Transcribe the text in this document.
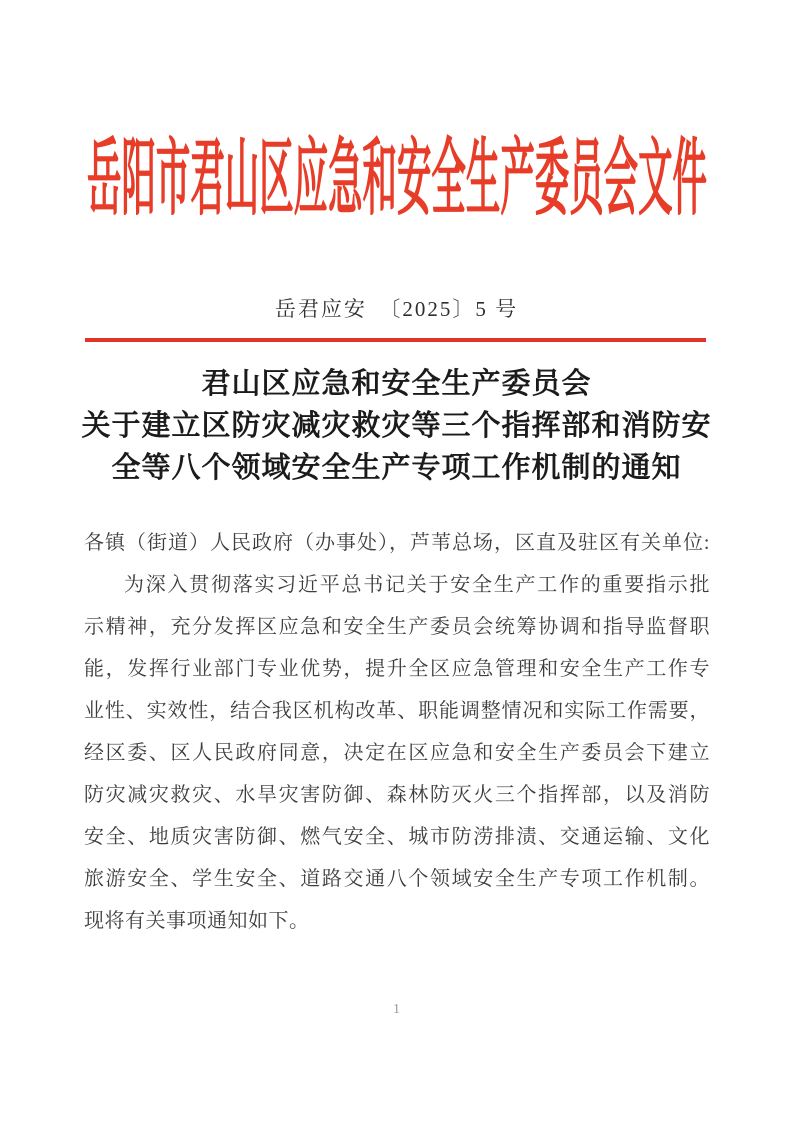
岳阳市君山区应急和安全生产委员会文件
岳君应安　〔2025〕5 号
君山区应急和安全生产委员会
关于建立区防灾减灾救灾等三个指挥部和消防安
全等八个领域安全生产专项工作机制的通知
各镇（街道）人民政府（办事处），芦苇总场，区直及驻区有关单位:
为深入贯彻落实习近平总书记关于安全生产工作的重要指示批
示精神，充分发挥区应急和安全生产委员会统筹协调和指导监督职
能，发挥行业部门专业优势，提升全区应急管理和安全生产工作专
业性、实效性，结合我区机构改革、职能调整情况和实际工作需要，
经区委、区人民政府同意，决定在区应急和安全生产委员会下建立
防灾减灾救灾、水旱灾害防御、森林防灭火三个指挥部，以及消防
安全、地质灾害防御、燃气安全、城市防涝排渍、交通运输、文化
旅游安全、学生安全、道路交通八个领域安全生产专项工作机制。
现将有关事项通知如下。
1
